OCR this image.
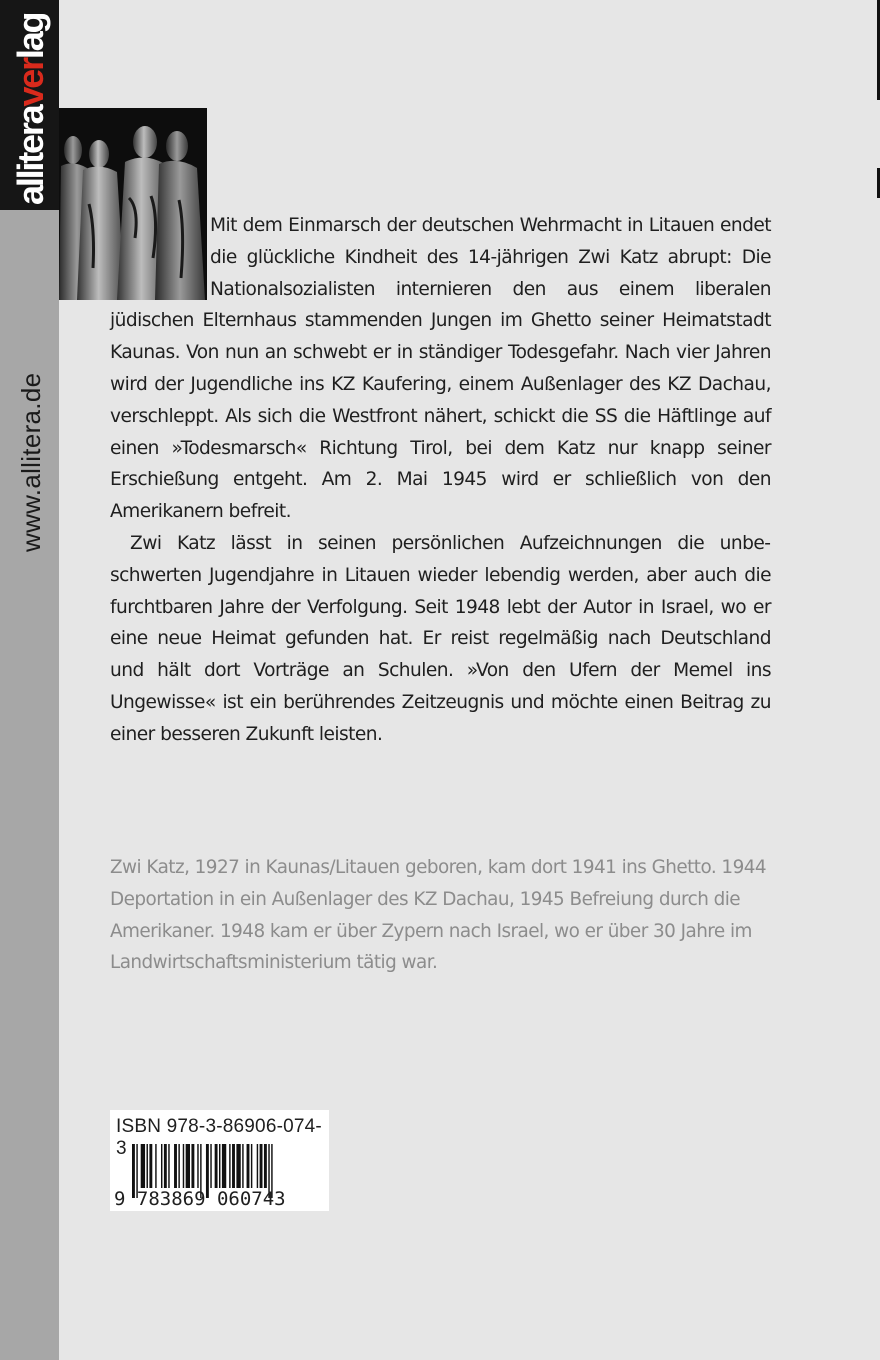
alliteraverlag
www.allitera.de

Mit dem Einmarsch der deutschen Wehrmacht in Litauen endet die glückliche Kindheit des 14-jährigen Zwi Katz abrupt: Die Nationalsozialisten internieren den aus einem liberalen jüdischen Elternhaus stammenden Jungen im Ghetto seiner Heimatstadt Kaunas. Von nun an schwebt er in ständiger Todesgefahr. Nach vier Jahren wird der Jugendliche ins KZ Kaufering, einem Außenlager des KZ Dachau, verschleppt. Als sich die Westfront nähert, schickt die SS die Häftlinge auf einen »Todesmarsch« Richtung Tirol, bei dem Katz nur knapp seiner Erschießung entgeht. Am 2. Mai 1945 wird er schließlich von den Amerikanern befreit.

Zwi Katz lässt in seinen persönlichen Aufzeichnungen die unbeschwerten Jugendjahre in Litauen wieder lebendig werden, aber auch die furchtbaren Jahre der Verfolgung. Seit 1948 lebt der Autor in Israel, wo er eine neue Heimat gefunden hat. Er reist regelmäßig nach Deutschland und hält dort Vorträge an Schulen. »Von den Ufern der Memel ins Ungewisse« ist ein berührendes Zeitzeugnis und möchte einen Beitrag zu einer besseren Zukunft leisten.

Zwi Katz, 1927 in Kaunas/Litauen geboren, kam dort 1941 ins Ghetto. 1944 Deportation in ein Außenlager des KZ Dachau, 1945 Befreiung durch die Amerikaner. 1948 kam er über Zypern nach Israel, wo er über 30 Jahre im Landwirtschaftsministerium tätig war.

ISBN 978-3-86906-074-3
9 783869 060743
